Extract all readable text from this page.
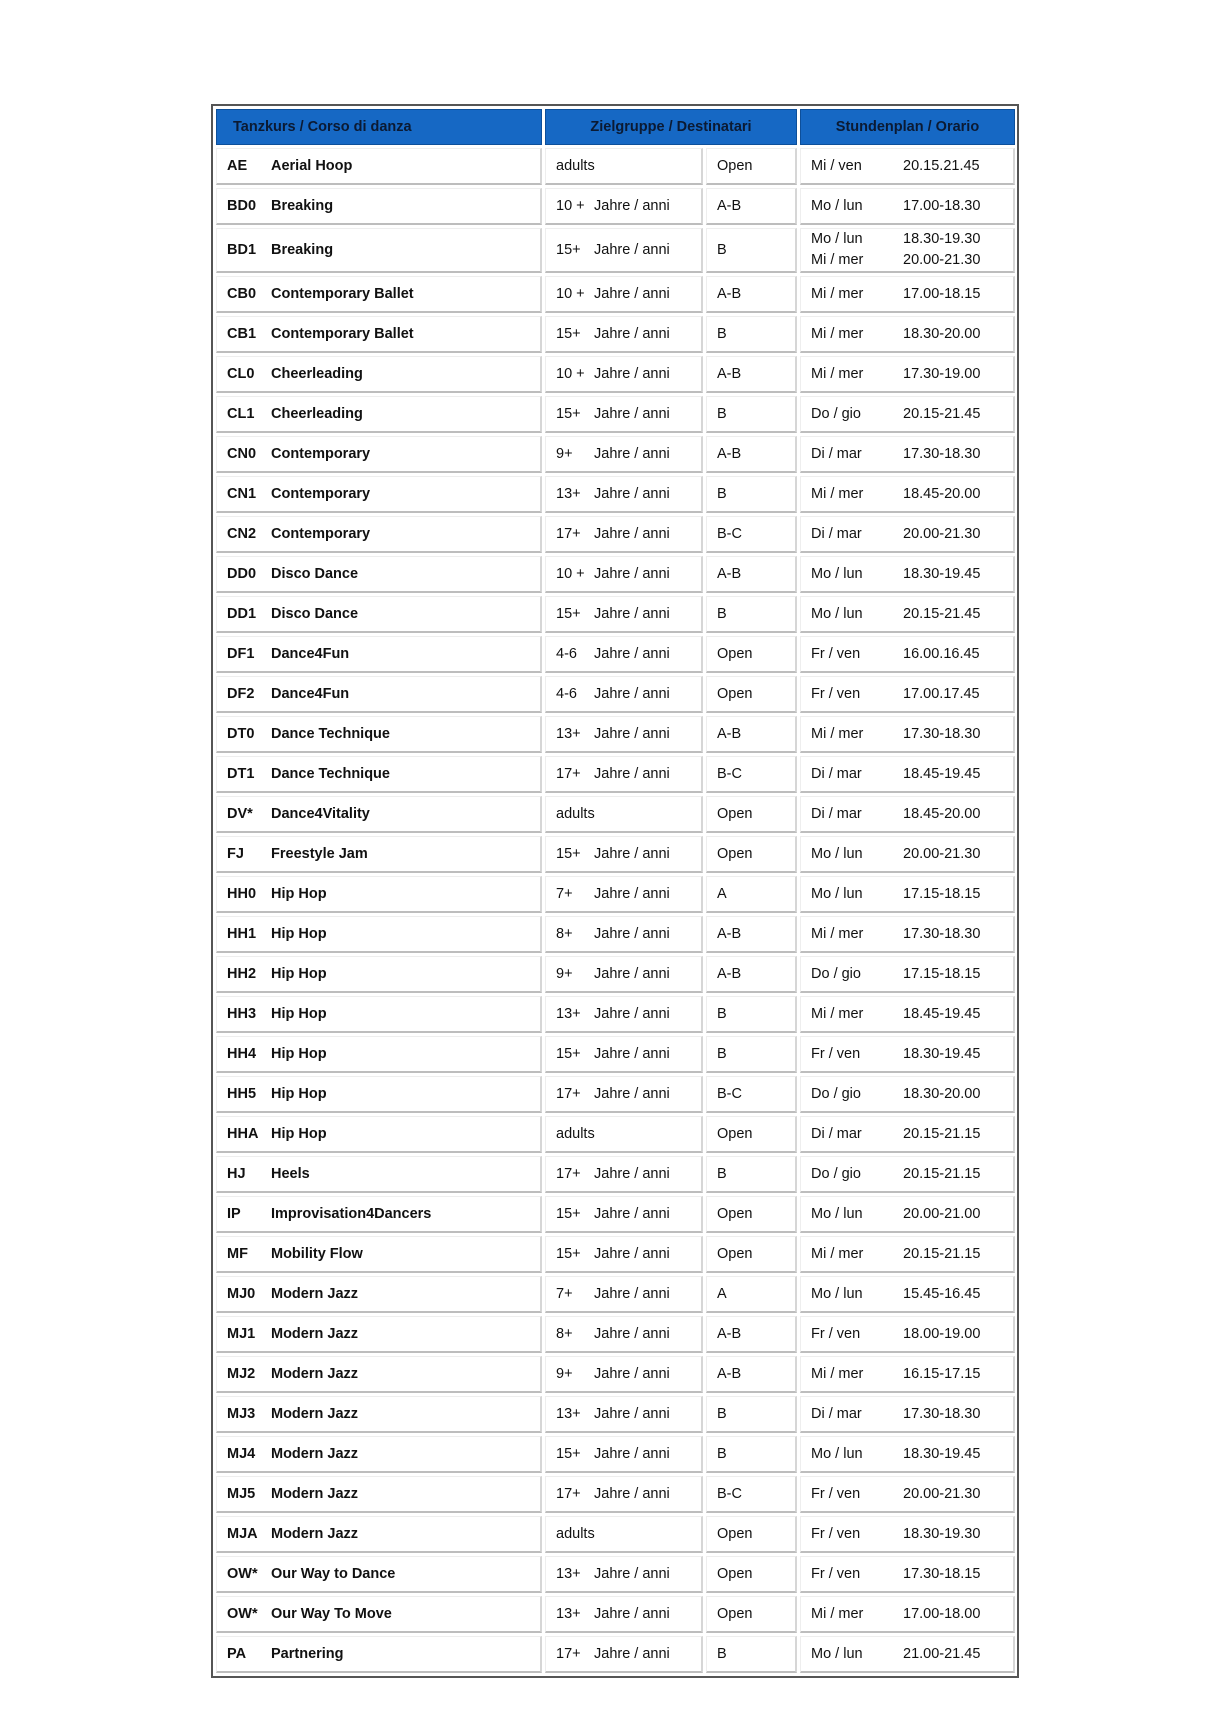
Tanzkurs / Corso di danza	Zielgruppe / Destinatari		Stundenplan / Orario
AE Aerial Hoop	adults	Open	Mi / ven 20.15.21.45

BD0 Breaking	10 + Jahre / anni	A-B	Mo / lun 17.00-18.30

BD1 Breaking	15+ Jahre / anni	B	Mo / lun 18.30-19.30
Mi / mer 20.00-21.30

CB0 Contemporary Ballet	10 + Jahre / anni	A-B	Mi / mer 17.00-18.15

CB1 Contemporary Ballet	15+ Jahre / anni	B	Mi / mer 18.30-20.00

CL0 Cheerleading	10 + Jahre / anni	A-B	Mi / mer 17.30-19.00

CL1 Cheerleading	15+ Jahre / anni	B	Do / gio 20.15-21.45

CN0 Contemporary	9+ Jahre / anni	A-B	Di / mar 17.30-18.30

CN1 Contemporary	13+ Jahre / anni	B	Mi / mer 18.45-20.00

CN2 Contemporary	17+ Jahre / anni	B-C	Di / mar 20.00-21.30

DD0 Disco Dance	10 + Jahre / anni	A-B	Mo / lun 18.30-19.45

DD1 Disco Dance	15+ Jahre / anni	B	Mo / lun 20.15-21.45

DF1 Dance4Fun	4-6 Jahre / anni	Open	Fr / ven 16.00.16.45

DF2 Dance4Fun	4-6 Jahre / anni	Open	Fr / ven 17.00.17.45

DT0 Dance Technique	13+ Jahre / anni	A-B	Mi / mer 17.30-18.30

DT1 Dance Technique	17+ Jahre / anni	B-C	Di / mar 18.45-19.45

DV* Dance4Vitality	adults	Open	Di / mar 18.45-20.00

FJ Freestyle Jam	15+ Jahre / anni	Open	Mo / lun 20.00-21.30

HH0 Hip Hop	7+ Jahre / anni	A	Mo / lun 17.15-18.15

HH1 Hip Hop	8+ Jahre / anni	A-B	Mi / mer 17.30-18.30

HH2 Hip Hop	9+ Jahre / anni	A-B	Do / gio 17.15-18.15

HH3 Hip Hop	13+ Jahre / anni	B	Mi / mer 18.45-19.45

HH4 Hip Hop	15+ Jahre / anni	B	Fr / ven 18.30-19.45

HH5 Hip Hop	17+ Jahre / anni	B-C	Do / gio 18.30-20.00

HHA Hip Hop	adults	Open	Di / mar 20.15-21.15

HJ Heels	17+ Jahre / anni	B	Do / gio 20.15-21.15

IP Improvisation4Dancers	15+ Jahre / anni	Open	Mo / lun 20.00-21.00

MF Mobility Flow	15+ Jahre / anni	Open	Mi / mer 20.15-21.15

MJ0 Modern Jazz	7+ Jahre / anni	A	Mo / lun 15.45-16.45

MJ1 Modern Jazz	8+ Jahre / anni	A-B	Fr / ven 18.00-19.00

MJ2 Modern Jazz	9+ Jahre / anni	A-B	Mi / mer 16.15-17.15

MJ3 Modern Jazz	13+ Jahre / anni	B	Di / mar 17.30-18.30

MJ4 Modern Jazz	15+ Jahre / anni	B	Mo / lun 18.30-19.45

MJ5 Modern Jazz	17+ Jahre / anni	B-C	Fr / ven 20.00-21.30

MJA Modern Jazz	adults	Open	Fr / ven 18.30-19.30

OW* Our Way to Dance	13+ Jahre / anni	Open	Fr / ven 17.30-18.15

OW* Our Way To Move	13+ Jahre / anni	Open	Mi / mer 17.00-18.00

PA Partnering	17+ Jahre / anni	B	Mo / lun 21.00-21.45
